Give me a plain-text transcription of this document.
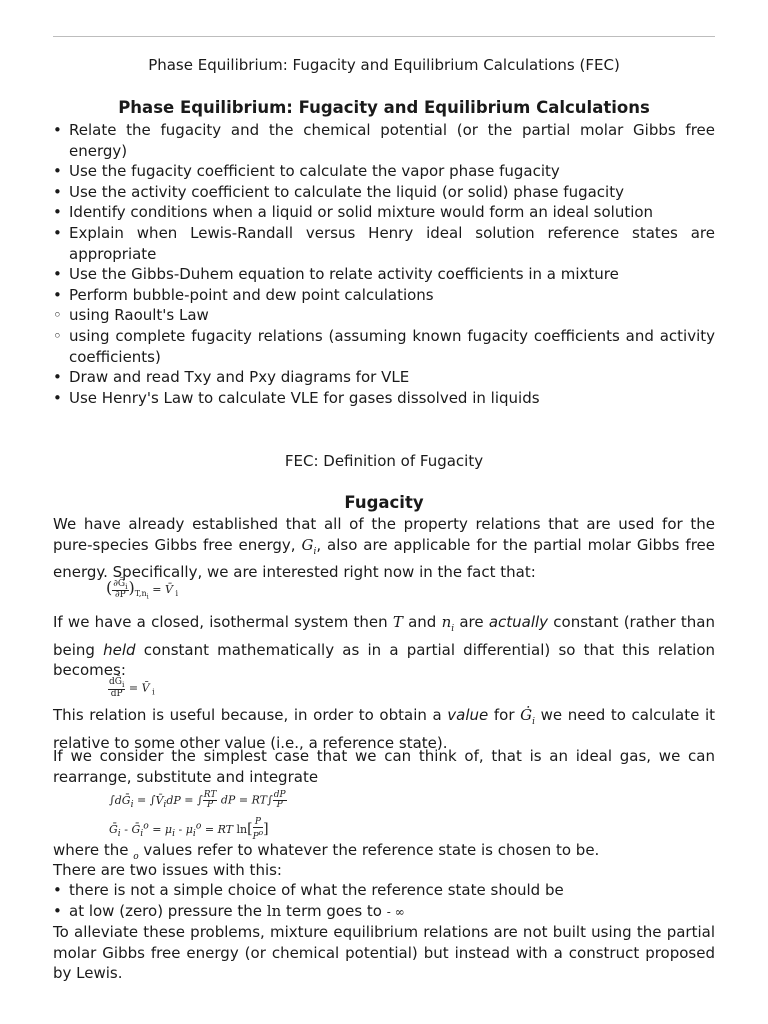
Phase Equilibrium: Fugacity and Equilibrium Calculations (FEC)
Phase Equilibrium: Fugacity and Equilibrium Calculations
• Relate the fugacity and the chemical potential (or the partial molar Gibbs free energy)
• Use the fugacity coefficient to calculate the vapor phase fugacity
• Use the activity coefficient to calculate the liquid (or solid) phase fugacity
• Identify conditions when a liquid or solid mixture would form an ideal solution
• Explain when Lewis-Randall versus Henry ideal solution reference states are appropriate
• Use the Gibbs-Duhem equation to relate activity coefficients in a mixture
• Perform bubble-point and dew point calculations
◦ using Raoult's Law
◦ using complete fugacity relations (assuming known fugacity coefficients and activity coefficients)
• Draw and read Txy and Pxy diagrams for VLE
• Use Henry's Law to calculate VLE for gases dissolved in liquids
FEC: Definition of Fugacity
Fugacity
We have already established that all of the property relations that are used for the pure-species Gibbs free energy, $G_i$, also are applicable for the partial molar Gibbs free energy. Specifically, we are interested right now in the fact that:
( $\frac{\partial Ḡ_i}{\partial P} )_{T,n_i}$ = V̄ $_i$
If we have a closed, isothermal system then T and $n_i$ are actually constant (rather than being held constant mathematically as in a partial differential) so that this relation becomes:
$\frac{dḠ_i}{dP}$ = V̄ $_i$
This relation is useful because, in order to obtain a value for $Ġ_i$ we need to calculate it relative to some other value (i.e., a reference state).
If we consider the simplest case that we can think of, that is an ideal gas, we can rearrange, substitute and integrate
∫dḠ$_i$ = $\int V̄_idP$ = ∫ $\frac{RT}{P}$ dP = $RT\int \frac{dP}{P}$
Ḡ$_i$ - Ḡ$_i^o$ = $\mu_i - \mu_i^o$ = RT $\ln[ \frac{P}{P^o}$ ]
where the $_o$ values refer to whatever the reference state is chosen to be.
There are two issues with this:
• there is not a simple choice of what the reference state should be
• at low (zero) pressure the ln term goes to - ∞
To alleviate these problems, mixture equilibrium relations are not built using the partial molar Gibbs free energy (or chemical potential) but instead with a construct proposed by Lewis.
